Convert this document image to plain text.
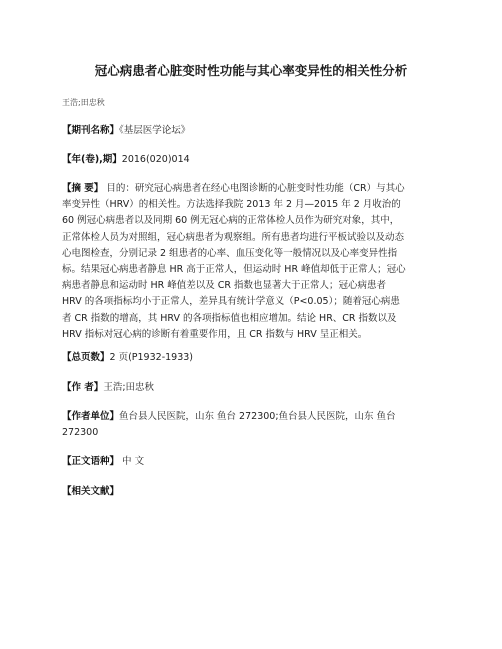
冠心病患者心脏变时性功能与其心率变异性的相关性分析
王浩;田忠秋
【期刊名称】《基层医学论坛》
【年(卷),期】2016(020)014
【摘 要】 目的：研究冠心病患者在经心电图诊断的心脏变时性功能（CR）与其心
率变异性（HRV）的相关性。方法选择我院 2013 年 2 月—2015 年 2 月收治的
60 例冠心病患者以及同期 60 例无冠心病的正常体检人员作为研究对象，其中，
正常体检人员为对照组，冠心病患者为观察组。所有患者均进行平板试验以及动态
心电图检查，分别记录 2 组患者的心率、血压变化等一般情况以及心率变异性指
标。结果冠心病患者静息 HR 高于正常人，但运动时 HR 峰值却低于正常人；冠心
病患者静息和运动时 HR 峰值差以及 CR 指数也显著大于正常人；冠心病患者
HRV 的各项指标均小于正常人，差异具有统计学意义（P<0.05）；随着冠心病患
者 CR 指数的增高，其 HRV 的各项指标值也相应增加。结论 HR、CR 指数以及
HRV 指标对冠心病的诊断有着重要作用，且 CR 指数与 HRV 呈正相关。
【总页数】2 页(P1932-1933)
【作 者】王浩;田忠秋
【作者单位】鱼台县人民医院，山东 鱼台 272300;鱼台县人民医院，山东 鱼台
272300
【正文语种】 中 文
【相关文献】
